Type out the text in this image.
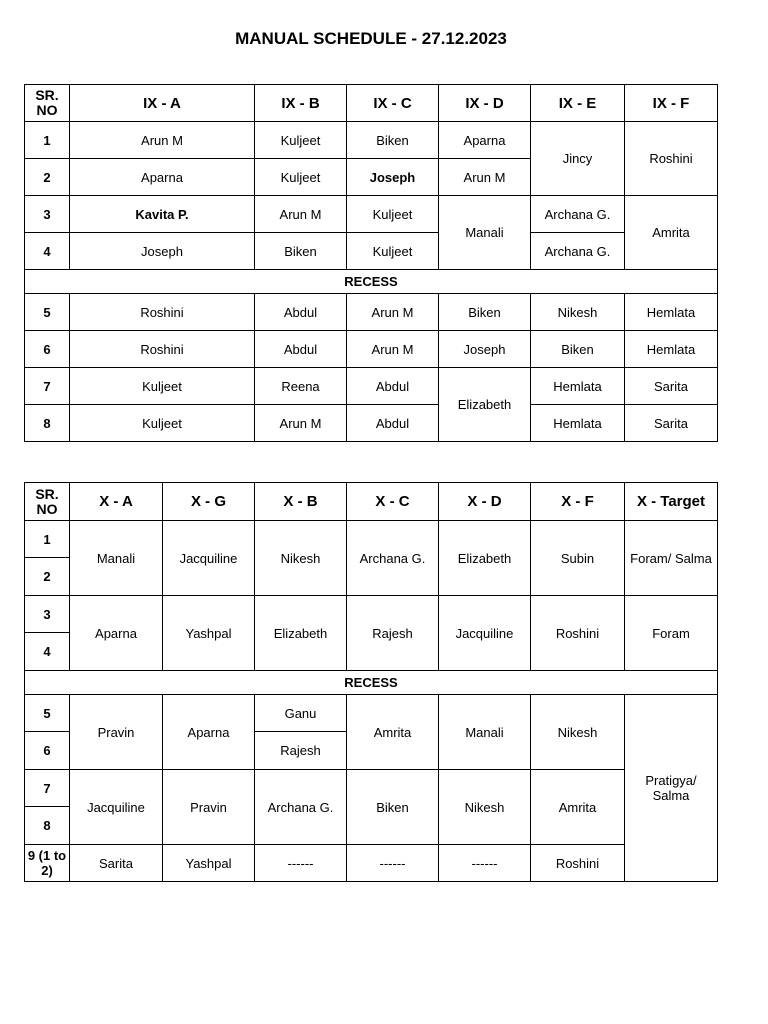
MANUAL SCHEDULE - 27.12.2023
SR.
NO	IX - A	IX - B	IX - C	IX - D	IX - E	IX - F
1	Arun M	Kuljeet	Biken	Aparna	Jincy	Roshini
2	Aparna	Kuljeet	Joseph	Arun M		
3	Kavita P.	Arun M	Kuljeet	Manali	Archana G.	Amrita
4	Joseph	Biken	Kuljeet		Archana G.	
RECESS						
5	Roshini	Abdul	Arun M	Biken	Nikesh	Hemlata
6	Roshini	Abdul	Arun M	Joseph	Biken	Hemlata
7	Kuljeet	Reena	Abdul	Elizabeth	Hemlata	Sarita
8	Kuljeet	Arun M	Abdul		Hemlata	Sarita
SR.
NO	X - A	X - G	X - B	X - C	X - D	X - F	X - Target
1	Manali	Jacquiline	Nikesh	Archana G.	Elizabeth	Subin	Foram/ Salma
2							
3	Aparna	Yashpal	Elizabeth	Rajesh	Jacquiline	Roshini	Foram
4							
RECESS							
5	Pravin	Aparna	Ganu	Amrita	Manali	Nikesh	Pratigya/
Salma
6			Rajesh				
7	Jacquiline	Pravin	Archana G.	Biken	Nikesh	Amrita	
8							
9 (1 to
2)	Sarita	Yashpal	------	------	------	Roshini	
